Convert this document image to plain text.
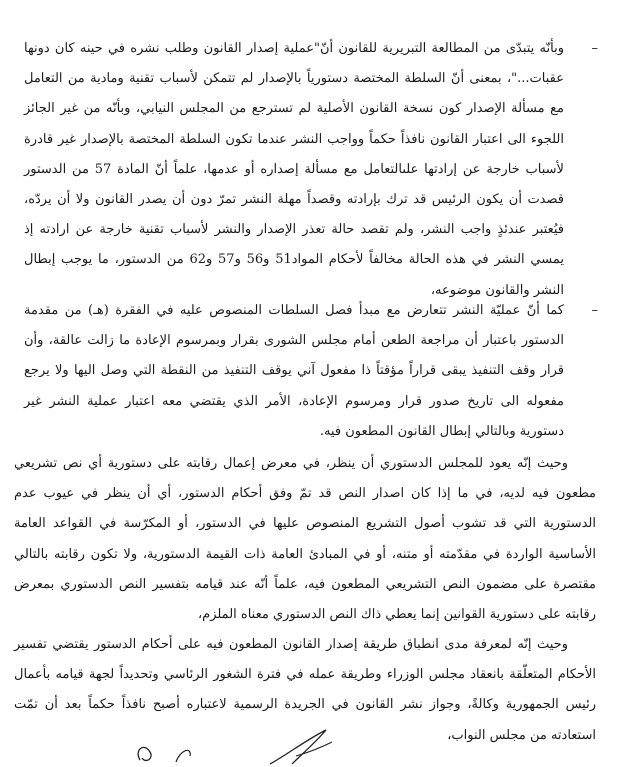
–
وبأنّه يتبدّى من المطالعة التبريرية للقانون أنّ"عملية إصدار القانون وطلب نشره في حينه كان دونها عقبات..."، بمعنى أنّ السلطة المختصة دستورياً بالإصدار لم تتمكن لأسباب تقنية ومادية من التعامل مع مسألة الإصدار كون نسخة القانون الأصلية لم تسترجع من المجلس النيابي، وبأنّه من غير الجائز اللجوء الى اعتبار القانون نافذاً حكماً وواجب النشر عندما تكون السلطة المختصة بالإصدار غير قادرة لأسباب خارجة عن إرادتها علىالتعامل مع مسألة إصداره أو عدمها، علماً أنّ المادة 57 من الدستور قصدت أن يكون الرئيس قد ترك بإرادته وقصداً مهلة النشر تمرّ دون أن يصدر القانون ولا أن يردّه، فيُعتبر عندئذٍ واجب النشر، ولم تقصد حالة تعذر الإصدار والنشر لأسباب تقنية خارجة عن ارادته إذ يمسي النشر في هذه الحالة مخالفاً لأحكام المواد51 و56 و57 و62 من الدستور، ما يوجب إبطال النشر والقانون موضوعه،
–
كما أنّ عمليّة النشر تتعارض مع مبدأ فصل السلطات المنصوص عليه في الفقرة (هـ) من مقدمة الدستور باعتبار أن مراجعة الطعن أمام مجلس الشورى بقرار وبمرسوم الإعادة ما زالت عالقة، وأن قرار وقف التنفيذ يبقى قراراً مؤقتاً ذا مفعول آني يوقف التنفيذ من النقطة التي وصل اليها ولا يرجع مفعوله الى تاريخ صدور قرار ومرسوم الإعادة، الأمر الذي يقتضي معه اعتبار عملية النشر غير دستورية وبالتالي إبطال القانون المطعون فيه.
وحيث إنّه يعود للمجلس الدستوري أن ينظر، في معرض إعمال رقابته على دستورية أي نص تشريعي مطعون فيه لديه، في ما إذا كان اصدار النص قد تمّ وفق أحكام الدستور، أي أن ينظر في عيوب عدم الدستورية التي قد تشوب أصول التشريع المنصوص عليها في الدستور، أو المكرّسة في القواعد العامة الأساسية الواردة في مقدّمته أو متنه، أو في المبادئ العامة ذات القيمة الدستورية، ولا تكون رقابته بالتالي مقتصرة على مضمون النص التشريعي المطعون فيه، علماً أنّه عند قيامه بتفسير النص الدستوري بمعرض رقابته على دستورية القوانين إنما يعطي ذاك النص الدستوري معناه الملزم،
وحيث إنّه لمعرفة مدى انطباق طريقة إصدار القانون المطعون فيه على أحكام الدستور يقتضي تفسير الأحكام المتعلّقة بانعقاد مجلس الوزراء وطريقة عمله في فترة الشغور الرئاسي وتحديداً لجهة قيامه بأعمال رئيس الجمهورية وكالةً، وجواز نشر القانون في الجريدة الرسمية لاعتباره أصبح نافذاً حكماً بعد أن تمّت استعادته من مجلس النواب،
